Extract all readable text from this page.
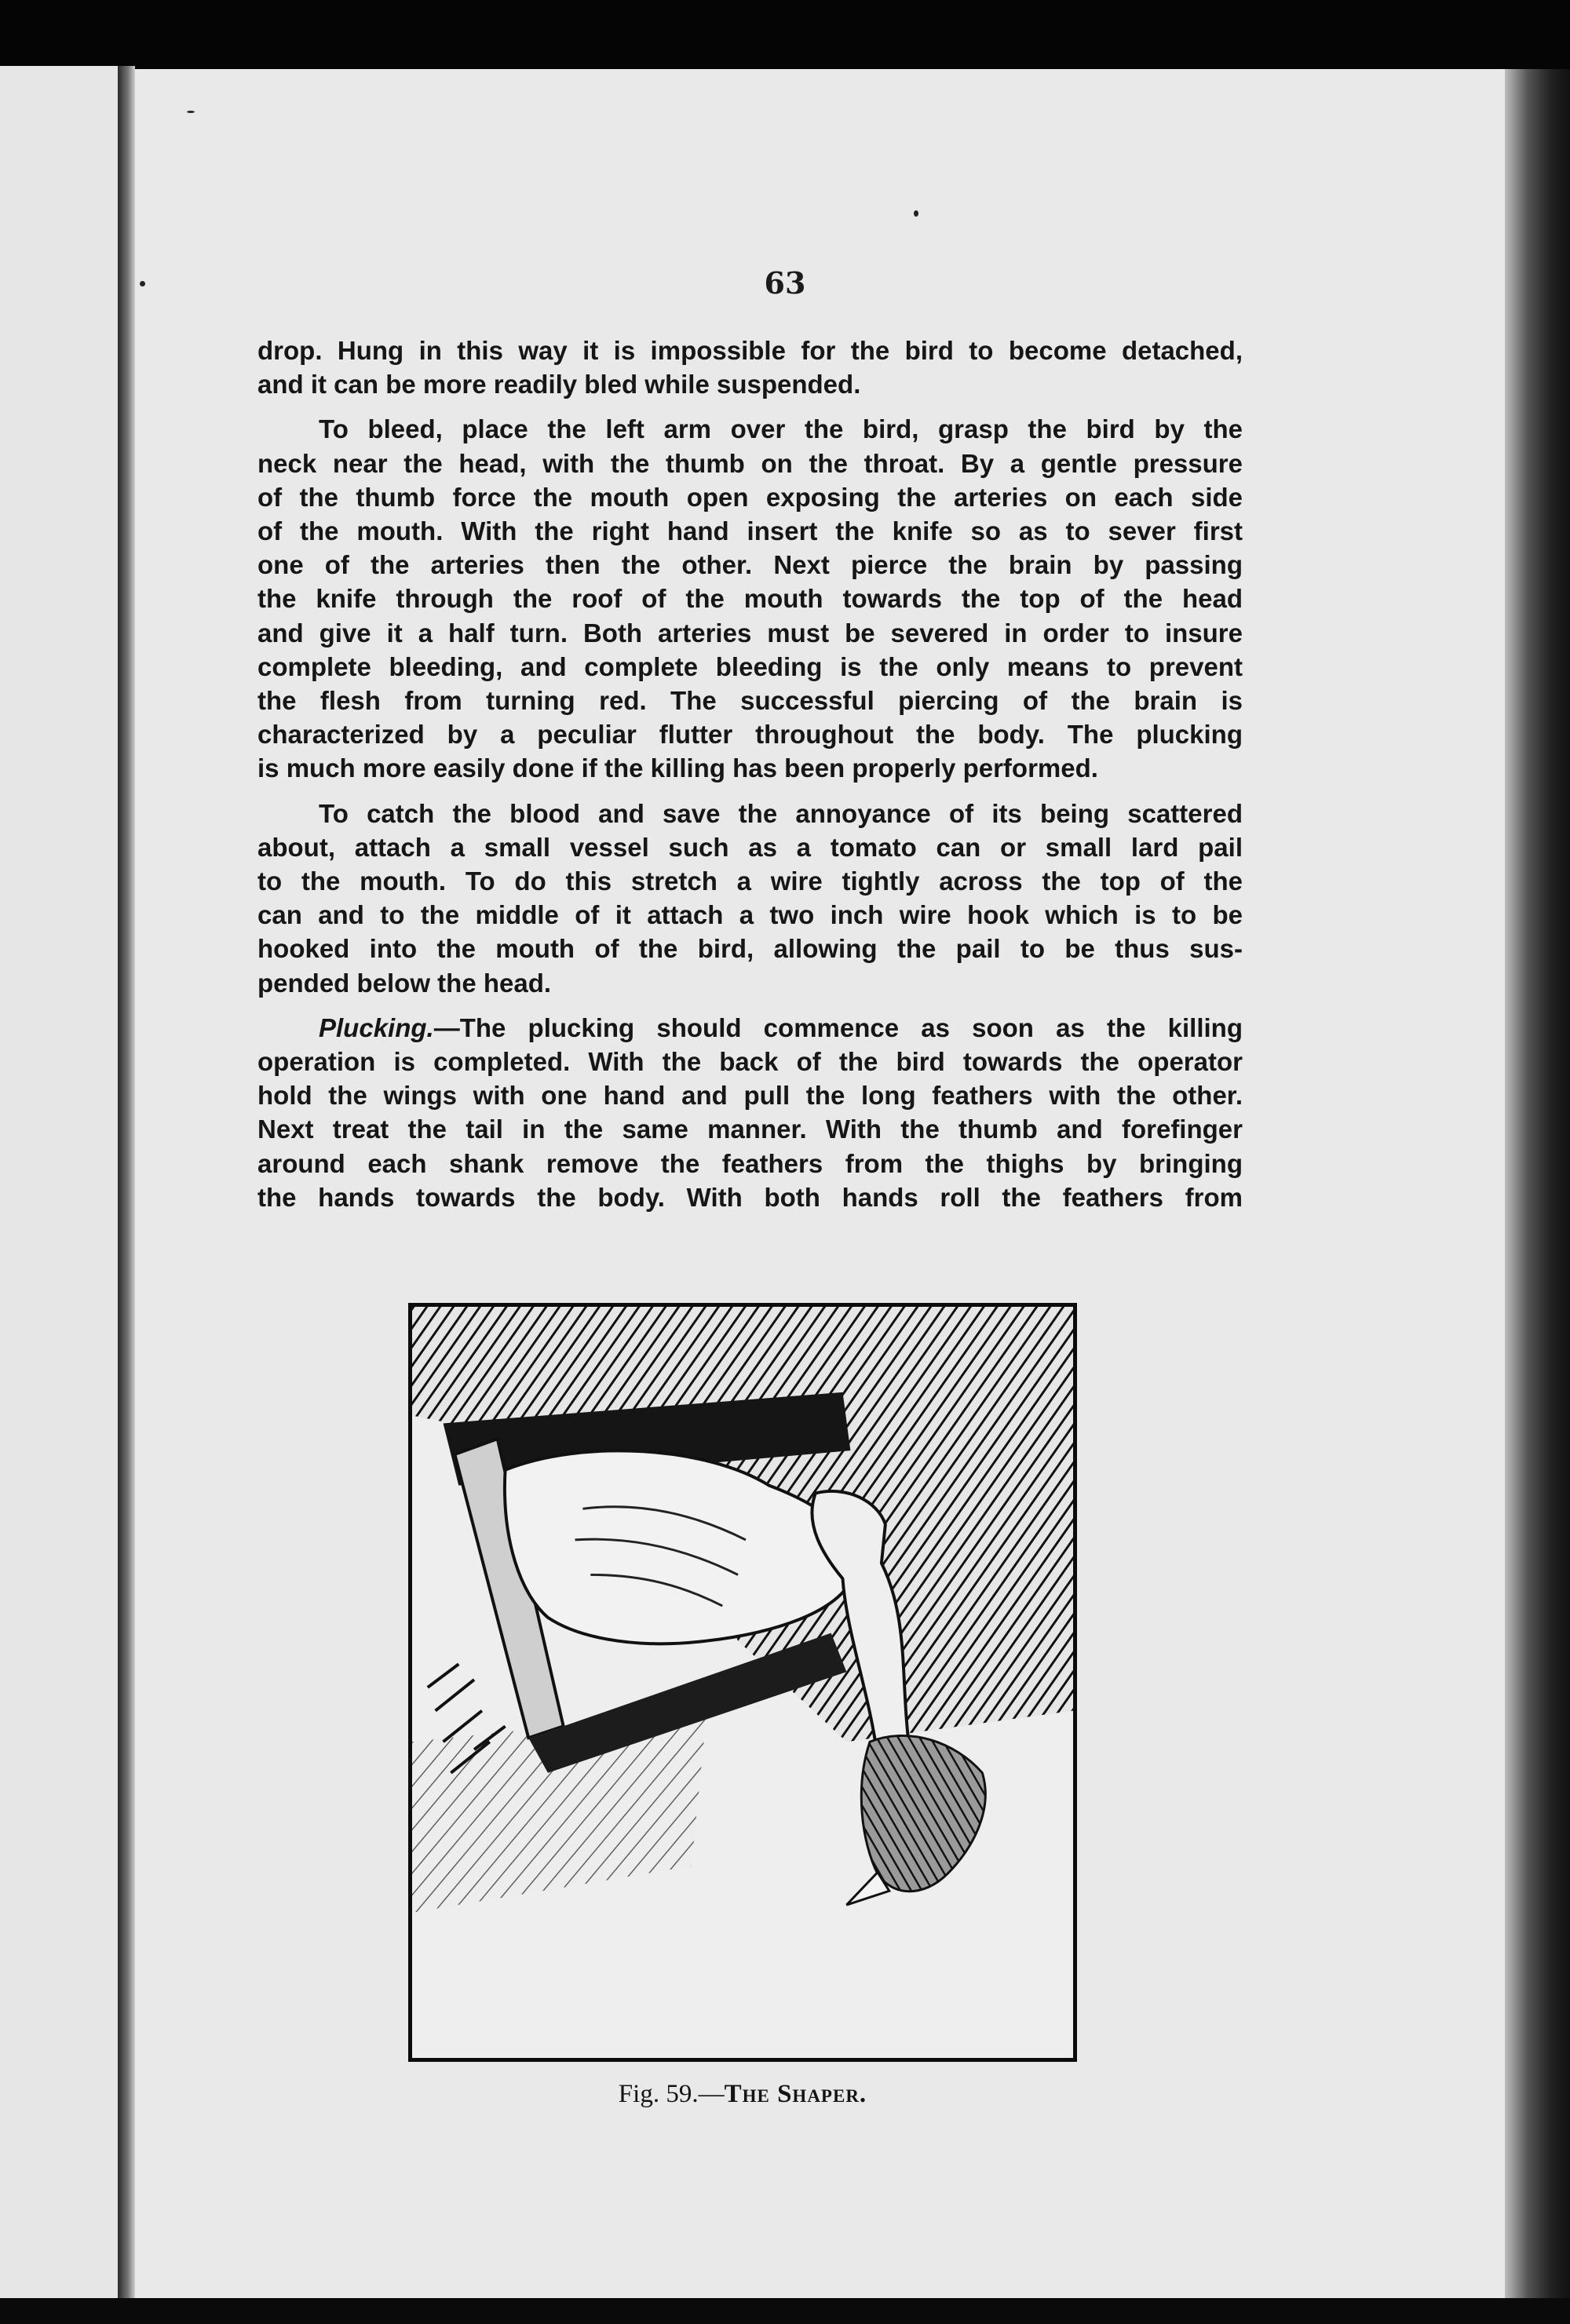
63
drop. Hung in this way it is impossible for the bird to become detached,
and it can be more readily bled while suspended.
To bleed, place the left arm over the bird, grasp the bird by the
neck near the head, with the thumb on the throat. By a gentle pressure
of the thumb force the mouth open exposing the arteries on each side
of the mouth. With the right hand insert the knife so as to sever first
one of the arteries then the other. Next pierce the brain by passing
the knife through the roof of the mouth towards the top of the head
and give it a half turn. Both arteries must be severed in order to insure
complete bleeding, and complete bleeding is the only means to prevent
the flesh from turning red. The successful piercing of the brain is
characterized by a peculiar flutter throughout the body. The plucking
is much more easily done if the killing has been properly performed.
To catch the blood and save the annoyance of its being scattered
about, attach a small vessel such as a tomato can or small lard pail
to the mouth. To do this stretch a wire tightly across the top of the
can and to the middle of it attach a two inch wire hook which is to be
hooked into the mouth of the bird, allowing the pail to be thus sus-
pended below the head.
Plucking.—The plucking should commence as soon as the killing
operation is completed. With the back of the bird towards the operator
hold the wings with one hand and pull the long feathers with the other.
Next treat the tail in the same manner. With the thumb and forefinger
around each shank remove the feathers from the thighs by bringing
the hands towards the body. With both hands roll the feathers from
Fig. 59.—The Shaper.
